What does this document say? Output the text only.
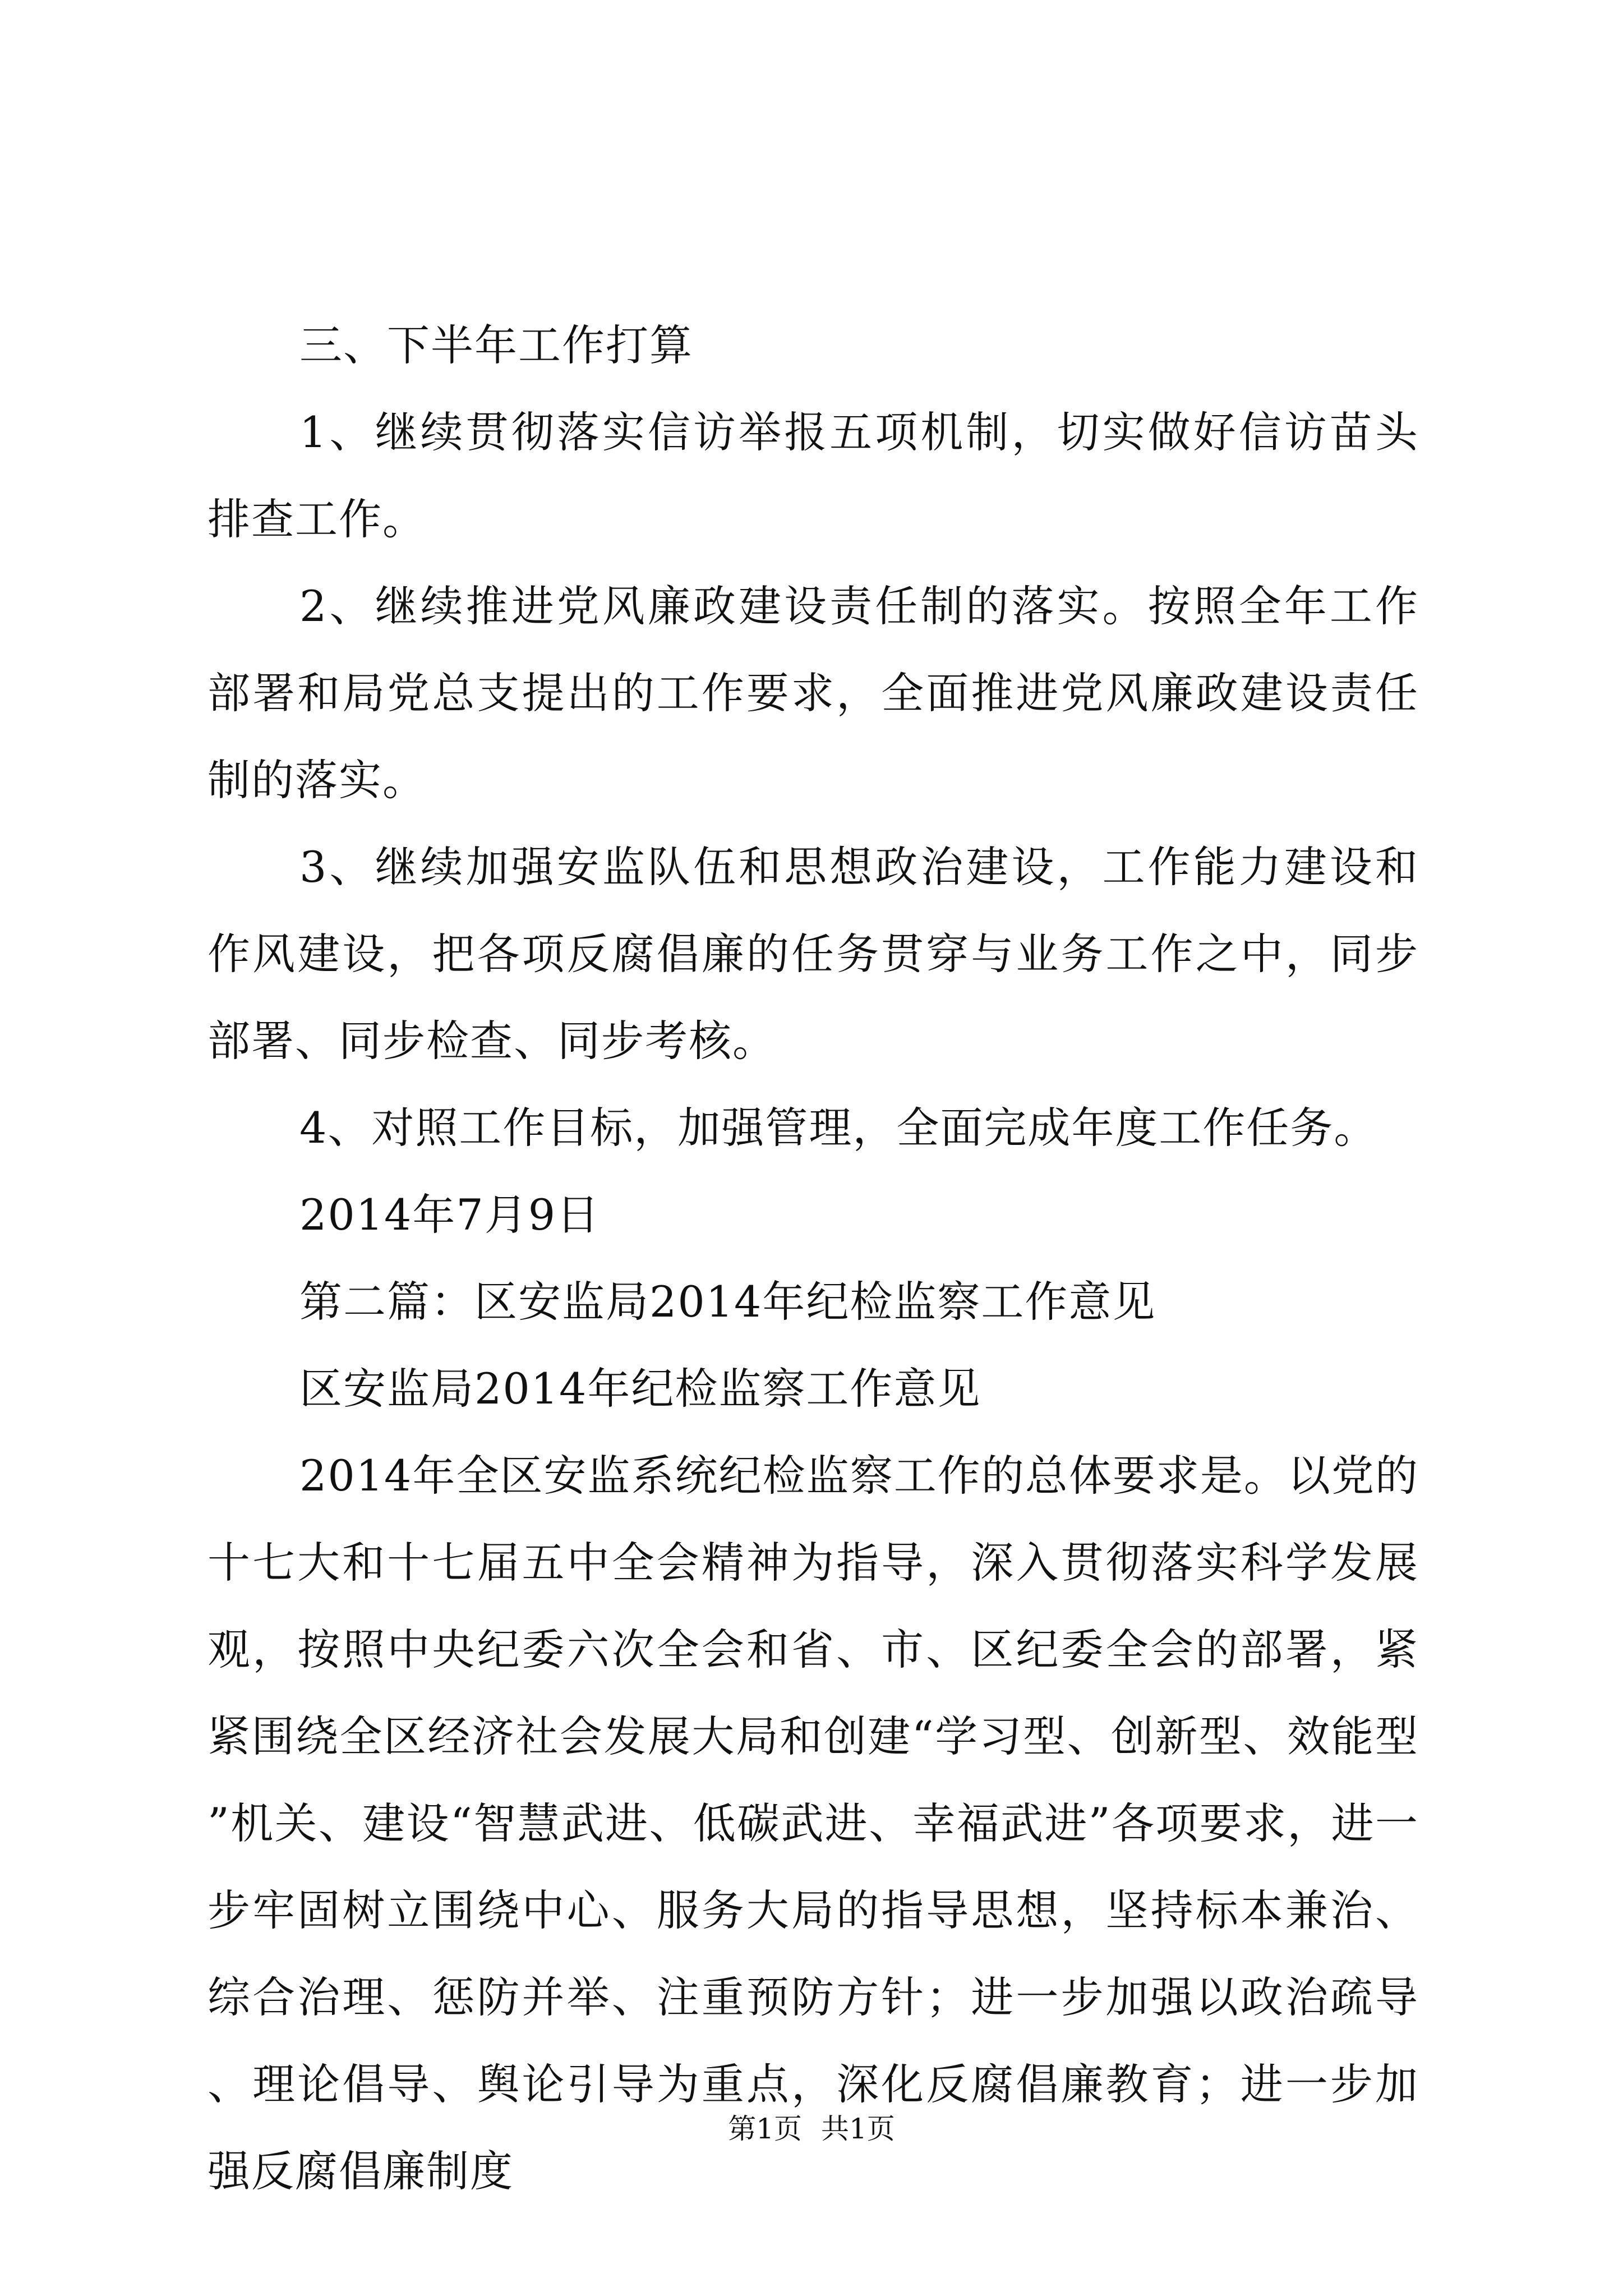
三、下半年工作打算

1、继续贯彻落实信访举报五项机制，切实做好信访苗头排查工作。

2、继续推进党风廉政建设责任制的落实。按照全年工作部署和局党总支提出的工作要求，全面推进党风廉政建设责任制的落实。

3、继续加强安监队伍和思想政治建设，工作能力建设和作风建设，把各项反腐倡廉的任务贯穿与业务工作之中，同步部署、同步检查、同步考核。

4、对照工作目标，加强管理，全面完成年度工作任务。

2014年7月9日

第二篇：区安监局2014年纪检监察工作意见

区安监局2014年纪检监察工作意见

2014年全区安监系统纪检监察工作的总体要求是。以党的十七大和十七届五中全会精神为指导，深入贯彻落实科学发展观，按照中央纪委六次全会和省、市、区纪委全会的部署，紧紧围绕全区经济社会发展大局和创建“学习型、创新型、效能型”机关、建设“智慧武进、低碳武进、幸福武进”各项要求，进一步牢固树立围绕中心、服务大局的指导思想，坚持标本兼治、综合治理、惩防并举、注重预防方针；进一步加强以政治疏导、理论倡导、舆论引导为重点，深化反腐倡廉教育；进一步加强反腐倡廉制度

第1页 共1页
